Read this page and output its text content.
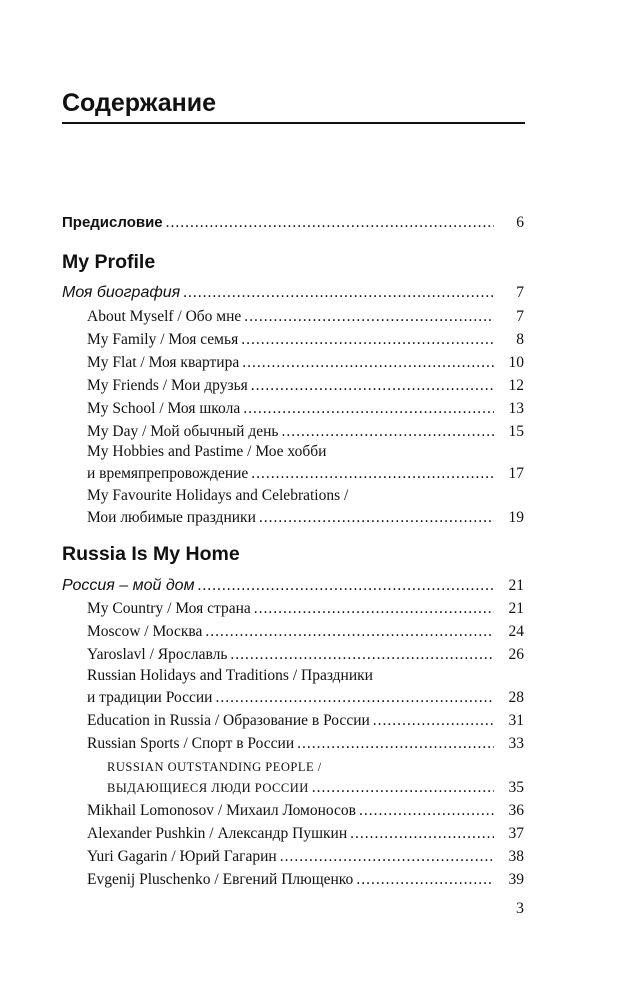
Содержание
Предисловие .....	6
My Profile
Моя биография .....	7
About Myself / Обо мне .....	7
My Family / Моя семья .....	8
My Flat / Моя квартира .....	10
My Friends / Мои друзья .....	12
My School / Моя школа .....	13
My Day / Мой обычный день .....	15
My Hobbies and Pastime / Мое хобби
и времяпрепровождение .....	17
My Favourite Holidays and Celebrations /
Мои любимые праздники .....	19
Russia Is My Home
Россия – мой дом .....	21
My Country / Моя страна .....	21
Moscow / Москва .....	24
Yaroslavl / Ярославль .....	26
Russian Holidays and Traditions / Праздники
и традиции России .....	28
Education in Russia / Образование в России .....	31
Russian Sports / Спорт в России .....	33
RUSSIAN OUTSTANDING PEOPLE /
ВЫДАЮЩИЕСЯ ЛЮДИ РОССИИ .....	35
Mikhail Lomonosov / Михаил Ломоносов .....	36
Alexander Pushkin / Александр Пушкин .....	37
Yuri Gagarin / Юрий Гагарин .....	38
Evgenij Pluschenko / Евгений Плющенко .....	39
3
